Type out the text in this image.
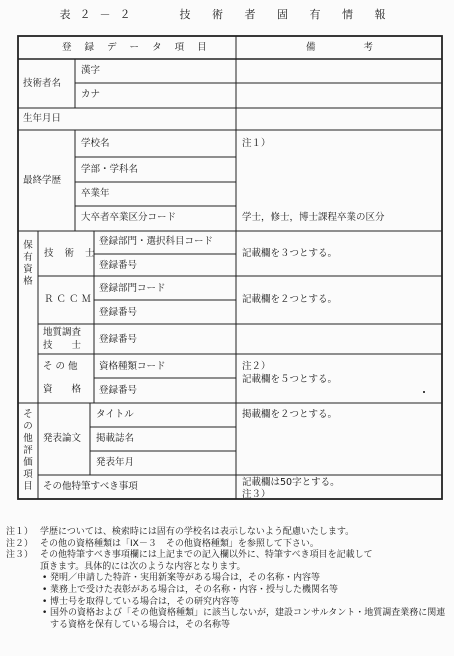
表２－２　　技 術 者 固 有 情 報
登 録 デ ー タ 項 目	備　　　　考
技術者名
漢字
カナ
生年月日
最終学歴
学校名
学部・学科名
卒業年
大卒者卒業区分コード
注１）
学士，修士，博士課程卒業の区分
保
有
資
格
技 術 士
登録部門・選択科目コード
登録番号
記載欄を３つとする。
ＲＣＣＭ
登録部門コード
登録番号
記載欄を２つとする。
地質調査
技　　士
登録番号
そ の 他
資　　格
資格種類コード
登録番号
注２）
記載欄を５つとする。
そ
の
他
評
価
項
目
発表論文
タイトル
掲載誌名
発表年月
掲載欄を２つとする。
その他特筆すべき事項	記載欄は50字とする。
注３）
注１） 学歴については、検索時には固有の学校名は表示しないよう配慮いたします。
注２） その他の資格種類は「IX－３　その他資格種類」を参照して下さい。
注３） その他特筆すべき事項欄には上記までの記入欄以外に、特筆すべき項目を記載して
頂きます。具体的には次のような内容となります。
• 発明／申請した特許・実用新案等がある場合は，その名称・内容等
• 業務上で受けた表彰がある場合は，その名称・内容・授与した機関名等
• 博士号を取得している場合は，その研究内容等
• 国外の資格および「その他資格種類」に該当しないが，建設コンサルタント・地質調査業務に関連する資格を保有している場合は，その名称等
